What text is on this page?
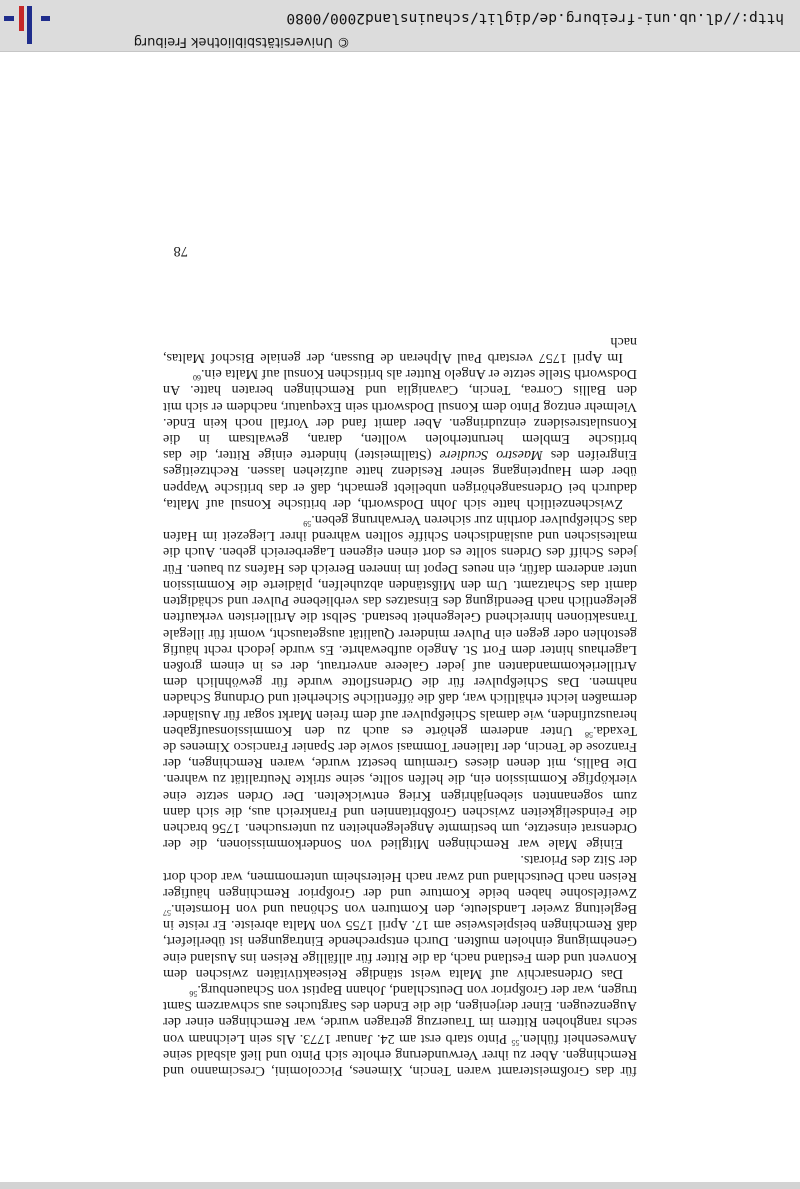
http://dl.ub.uni-freiburg.de/diglit/schauinsland2000/0080
© Universitätsbibliothek Freiburg

für das Großmeisteramt waren Tencin, Ximenes, Piccolomini, Crescimanno und Remchingen. Aber zu ihrer Verwunderung erholte sich Pinto und ließ alsbald seine Anwesenheit fühlen.$^{55}$ Pinto starb erst am 24. Januar 1773. Als sein Leichnam von sechs ranghohen Rittern im Trauerzug getragen wurde, war Remchingen einer der Augenzeugen. Einer derjenigen, die die Enden des Sargtuches aus schwarzem Samt trugen, war der Großprior von Deutschland, Johann Baptist von Schauenburg.$^{56}$

Das Ordensarchiv auf Malta weist ständige Reiseaktivitäten zwischen dem Konvent und dem Festland nach, da die Ritter für allfällige Reisen ins Ausland eine Genehmigung einholen mußten. Durch entsprechende Eintragungen ist überliefert, daß Remchingen beispielsweise am 17. April 1755 von Malta abreiste. Er reiste in Begleitung zweier Landsleute, den Komturen von Schönau und von Hornstein.$^{57}$ Zweifelsohne haben beide Komture und der Großprior Remchingen häufiger Reisen nach Deutschland und zwar nach Heitersheim unternommen, war doch dort der Sitz des Priorats.

Einige Male war Remchingen Mitglied von Sonderkommissionen, die der Ordensrat einsetzte, um bestimmte Angelegenheiten zu untersuchen. 1756 brachen die Feindseligkeiten zwischen Großbritannien und Frankreich aus, die sich dann zum sogenannten siebenjährigen Krieg entwickelten. Der Orden setzte eine vierköpfige Kommission ein, die helfen sollte, seine strikte Neutralität zu wahren. Die Ballis, mit denen dieses Gremium besetzt wurde, waren Remchingen, der Franzose de Tencin, der Italiener Tommasi sowie der Spanier Francisco Ximenes de Texada.$^{58}$ Unter anderem gehörte es auch zu den Kommissionsaufgaben herauszufinden, wie damals Schießpulver auf dem freien Markt sogar für Ausländer dermaßen leicht erhältlich war, daß die öffentliche Sicherheit und Ordnung Schaden nahmen. Das Schießpulver für die Ordensflotte wurde für gewöhnlich dem Artilleriekommandanten auf jeder Galeere anvertraut, der es in einem großen Lagerhaus hinter dem Fort St. Angelo aufbewahrte. Es wurde jedoch recht häufig gestohlen oder gegen ein Pulver minderer Qualität ausgetauscht, womit für illegale Transaktionen hinreichend Gelegenheit bestand. Selbst die Artilleristen verkauften gelegentlich nach Beendigung des Einsatzes das verbliebene Pulver und schädigten damit das Schatzamt. Um den Mißständen abzuhelfen, plädierte die Kommission unter anderem dafür, ein neues Depot im inneren Bereich des Hafens zu bauen. Für jedes Schiff des Ordens sollte es dort einen eigenen Lagerbereich geben. Auch die maltesischen und ausländischen Schiffe sollten während ihrer Liegezeit im Hafen das Schießpulver dorthin zur sicheren Verwahrung geben.$^{59}$

Zwischenzeitlich hatte sich John Dodsworth, der britische Konsul auf Malta, dadurch bei Ordensangehörigen unbeliebt gemacht, daß er das britische Wappen über dem Haupteingang seiner Residenz hatte aufziehen lassen. Rechtzeitiges Eingreifen des Maestro Scudiere (Stallmeister) hinderte einige Ritter, die das britische Emblem herunterholen wollten, daran, gewaltsam in die Konsulatsresidenz einzudringen. Aber damit fand der Vorfall noch kein Ende. Vielmehr entzog Pinto dem Konsul Dodsworth sein Exequatur, nachdem er sich mit den Ballis Correa, Tencin, Cavaniglia und Remchingen beraten hatte. An Dodsworth Stelle setzte er Angelo Rutter als britischen Konsul auf Malta ein.$^{60}$

Im April 1757 verstarb Paul Alpheran de Bussan, der geniale Bischof Maltas, nach

78
